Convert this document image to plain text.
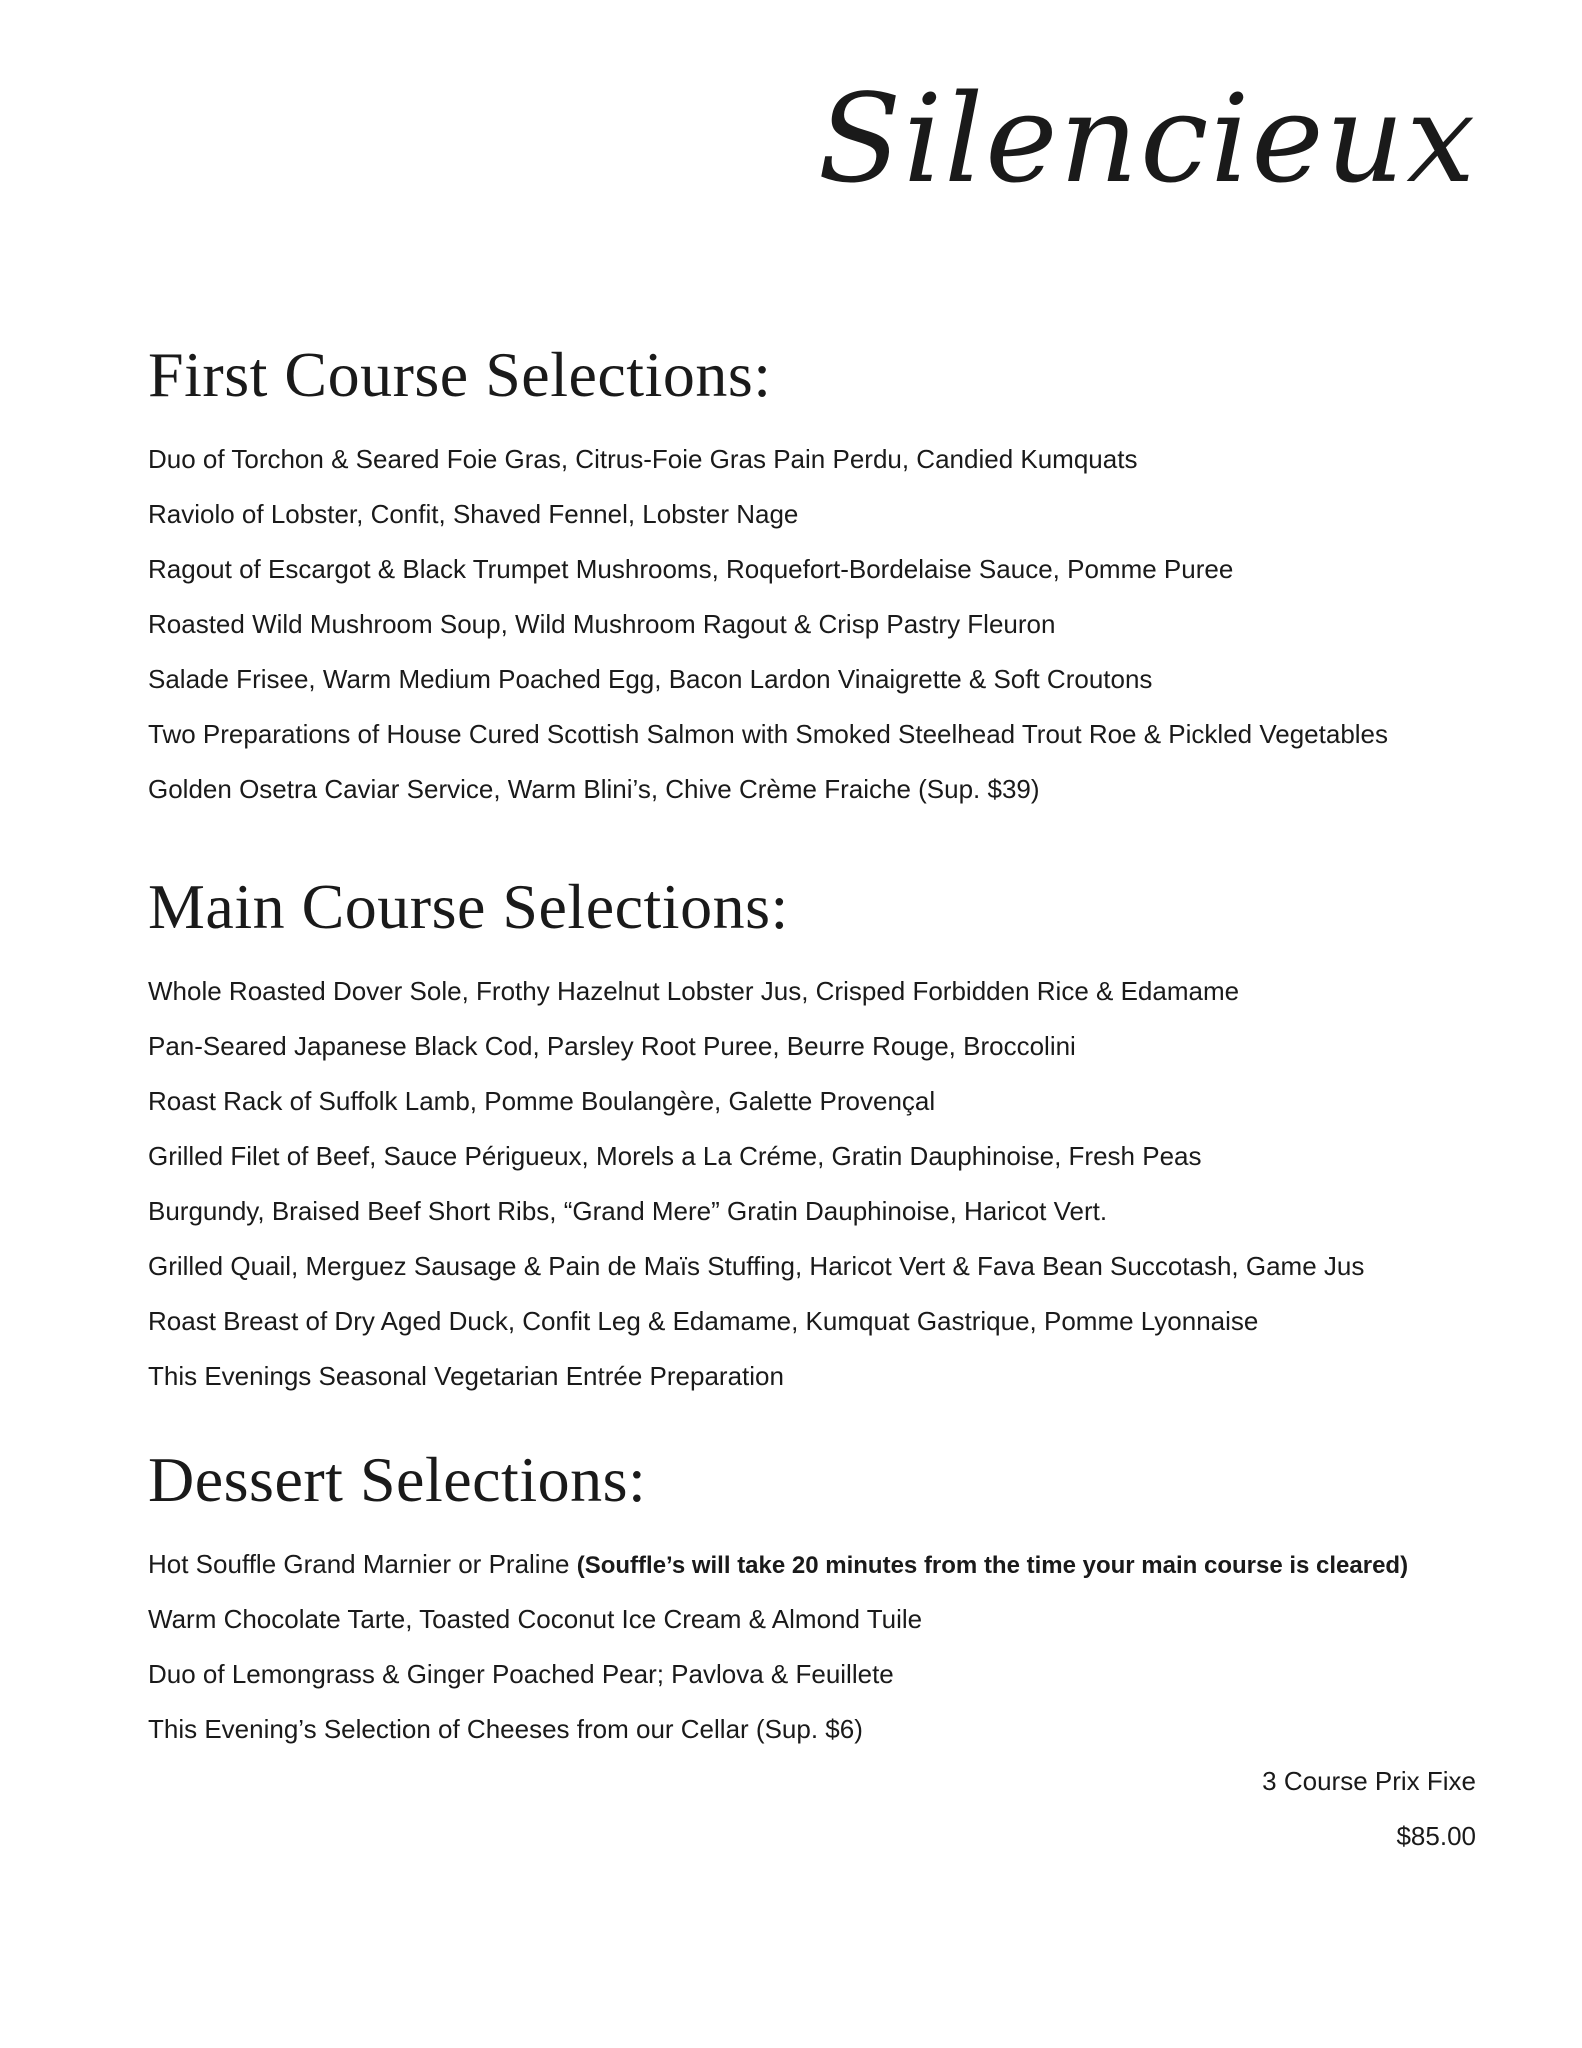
Silencieux
First Course Selections:
Duo of Torchon & Seared Foie Gras, Citrus-Foie Gras Pain Perdu, Candied Kumquats
Raviolo of Lobster, Confit, Shaved Fennel, Lobster Nage
Ragout of Escargot & Black Trumpet Mushrooms, Roquefort-Bordelaise Sauce, Pomme Puree
Roasted Wild Mushroom Soup, Wild Mushroom Ragout & Crisp Pastry Fleuron
Salade Frisee, Warm Medium Poached Egg, Bacon Lardon Vinaigrette & Soft Croutons
Two Preparations of House Cured Scottish Salmon with Smoked Steelhead Trout Roe & Pickled Vegetables
Golden Osetra Caviar Service, Warm Blini’s, Chive Crème Fraiche (Sup. $39)
Main Course Selections:
Whole Roasted Dover Sole, Frothy Hazelnut Lobster Jus, Crisped Forbidden Rice & Edamame
Pan-Seared Japanese Black Cod, Parsley Root Puree, Beurre Rouge, Broccolini
Roast Rack of Suffolk Lamb, Pomme Boulangère, Galette Provençal
Grilled Filet of Beef, Sauce Périgueux, Morels a La Créme, Gratin Dauphinoise, Fresh Peas
Burgundy, Braised Beef Short Ribs, “Grand Mere” Gratin Dauphinoise, Haricot Vert.
Grilled Quail, Merguez Sausage & Pain de Maïs Stuffing, Haricot Vert & Fava Bean Succotash, Game Jus
Roast Breast of Dry Aged Duck, Confit Leg & Edamame, Kumquat Gastrique, Pomme Lyonnaise
This Evenings Seasonal Vegetarian Entrée Preparation
Dessert Selections:
Hot Souffle Grand Marnier or Praline (Souffle’s will take 20 minutes from the time your main course is cleared)
Warm Chocolate Tarte, Toasted Coconut Ice Cream & Almond Tuile
Duo of Lemongrass & Ginger Poached Pear; Pavlova & Feuillete
This Evening’s Selection of Cheeses from our Cellar (Sup. $6)
3 Course Prix Fixe
$85.00
